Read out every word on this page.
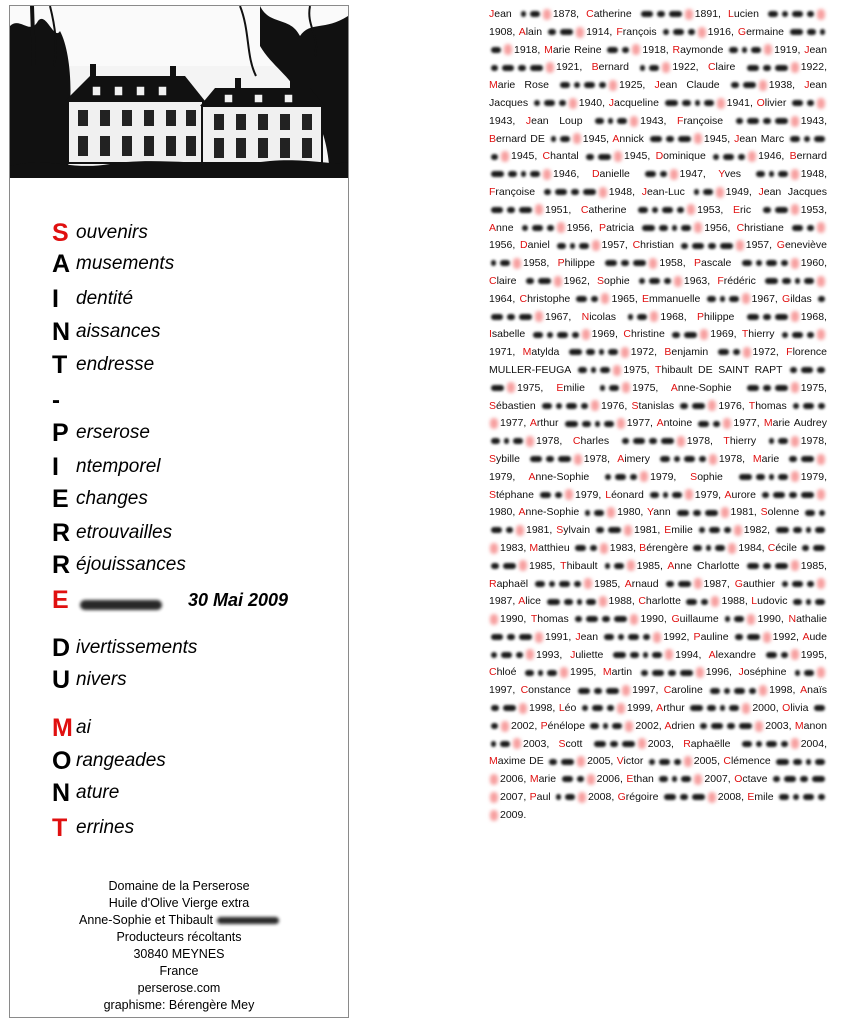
S ouvenirs
A musements
I dentité
N aissances
T endresse
-
P erserose
I ntemporel
E changes
R etrouvailles
R éjouissances
E	30 Mai 2009
D ivertissements
U nivers
M ai
O rangeades
N ature
T errines
Domaine de la Perserose
Huile d'Olive Vierge extra
Anne-Sophie et Thibault
Producteurs récoltants
30840 MEYNES
France
perserose.com
graphisme: Bérengère Mey
Jean	1878, Catherine	1891, Lucien 1908, Alain	1914, François	1916, Germaine 1918, Marie Reine	1918, Raymonde	1919, Jean 1921, Bernard	1922, Claire	1922, Marie Rose	1925, Jean Claude	1938, Jean Jacques	1940, Jacqueline	1941, Olivier 1943, Jean Loup	1943, Françoise	1943, Bernard DE	1945, Annick	1945, Jean Marc 1945, Chantal	1945, Dominique	1946, Bernard 1946, Danielle	1947, Yves	1948, Françoise	1948, Jean-Luc	1949, Jean Jacques 1951, Catherine	1953, Eric	1953, Anne	1956, Patricia	1956, Christiane 1956, Daniel	1957, Christian	1957, Geneviève 1958, Philippe	1958, Pascale	1960, Claire	1962, Sophie	1963, Frédéric 1964, Christophe	1965, Emmanuelle	1967, Gildas 1967, Nicolas	1968, Philippe	1968, Isabelle	1969, Christine	1969, Thierry 1971, Matylda	1972, Benjamin	1972, Florence MULLER-FEUGA	1975, Thibault DE SAINT RAPT 1975, Emilie	1975, Anne-Sophie	1975, Sébastien	1976, Stanislas	1976, Thomas 1977, Arthur	1977, Antoine	1977, Marie Audrey 1978, Charles	1978, Thierry	1978, Sybille	1978, Aimery	1978, Marie 1979, Anne-Sophie	1979, Sophie	1979, Stéphane	1979, Léonard	1979, Aurore 1980, Anne-Sophie	1980, Yann	1981, Solenne 1981, Sylvain	1981, Emilie	1982, 1983, Matthieu	1983, Bérengère	1984, Cécile 1985, Thibault	1985, Anne Charlotte	1985, Raphaël	1985, Arnaud	1987, Gauthier 1987, Alice	1988, Charlotte	1988, Ludovic 1990, Thomas	1990, Guillaume	1990, Nathalie 1991, Jean	1992, Pauline	1992, Aude 1993, Juliette	1994, Alexandre	1995, Chloé	1995, Martin	1996, Joséphine 1997, Constance	1997, Caroline	1998, Anaïs 1998, Léo	1999, Arthur	2000, Olivia 2002, Pénélope	2002, Adrien	2003, Manon 2003, Scott	2003, Raphaëlle	2004, Maxime DE	2005, Victor	2005, Clémence 2006, Marie	2006, Ethan	2007, Octave 2007, Paul	2008, Grégoire	2008, Emile 2009.
